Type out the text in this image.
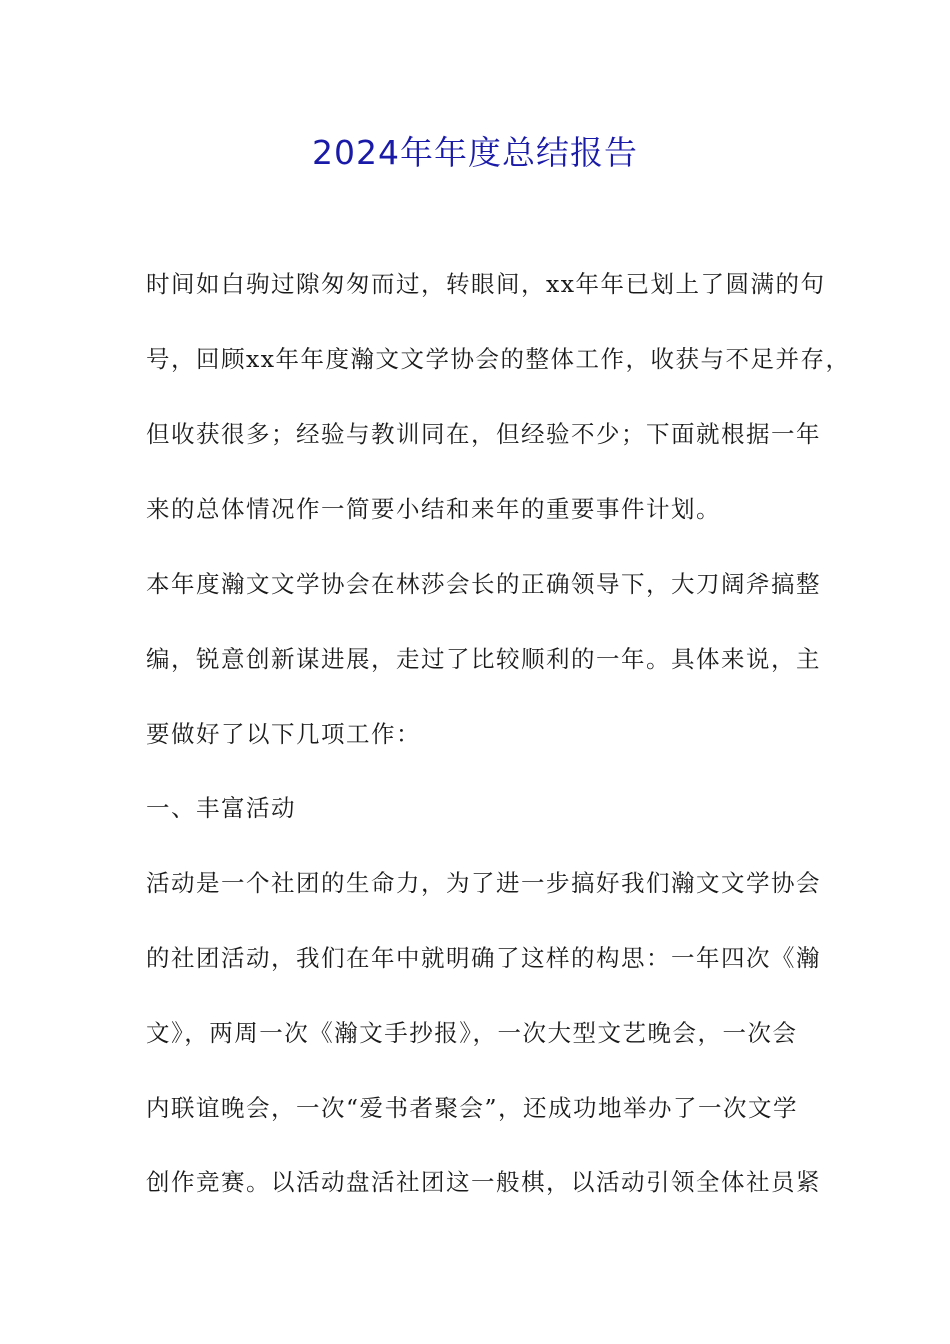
2024年年度总结报告
时间如白驹过隙匆匆而过，转眼间，xx年年已划上了圆满的句
号，回顾xx年年度瀚文文学协会的整体工作，收获与不足并存，
但收获很多；经验与教训同在，但经验不少；下面就根据一年
来的总体情况作一简要小结和来年的重要事件计划。
本年度瀚文文学协会在林莎会长的正确领导下，大刀阔斧搞整
编，锐意创新谋进展，走过了比较顺利的一年。具体来说，主
要做好了以下几项工作：
一、丰富活动
活动是一个社团的生命力，为了进一步搞好我们瀚文文学协会
的社团活动，我们在年中就明确了这样的构思：一年四次《瀚
文》，两周一次《瀚文手抄报》，一次大型文艺晚会，一次会
内联谊晚会，一次“爱书者聚会”，还成功地举办了一次文学
创作竞赛。以活动盘活社团这一般棋，以活动引领全体社员紧
